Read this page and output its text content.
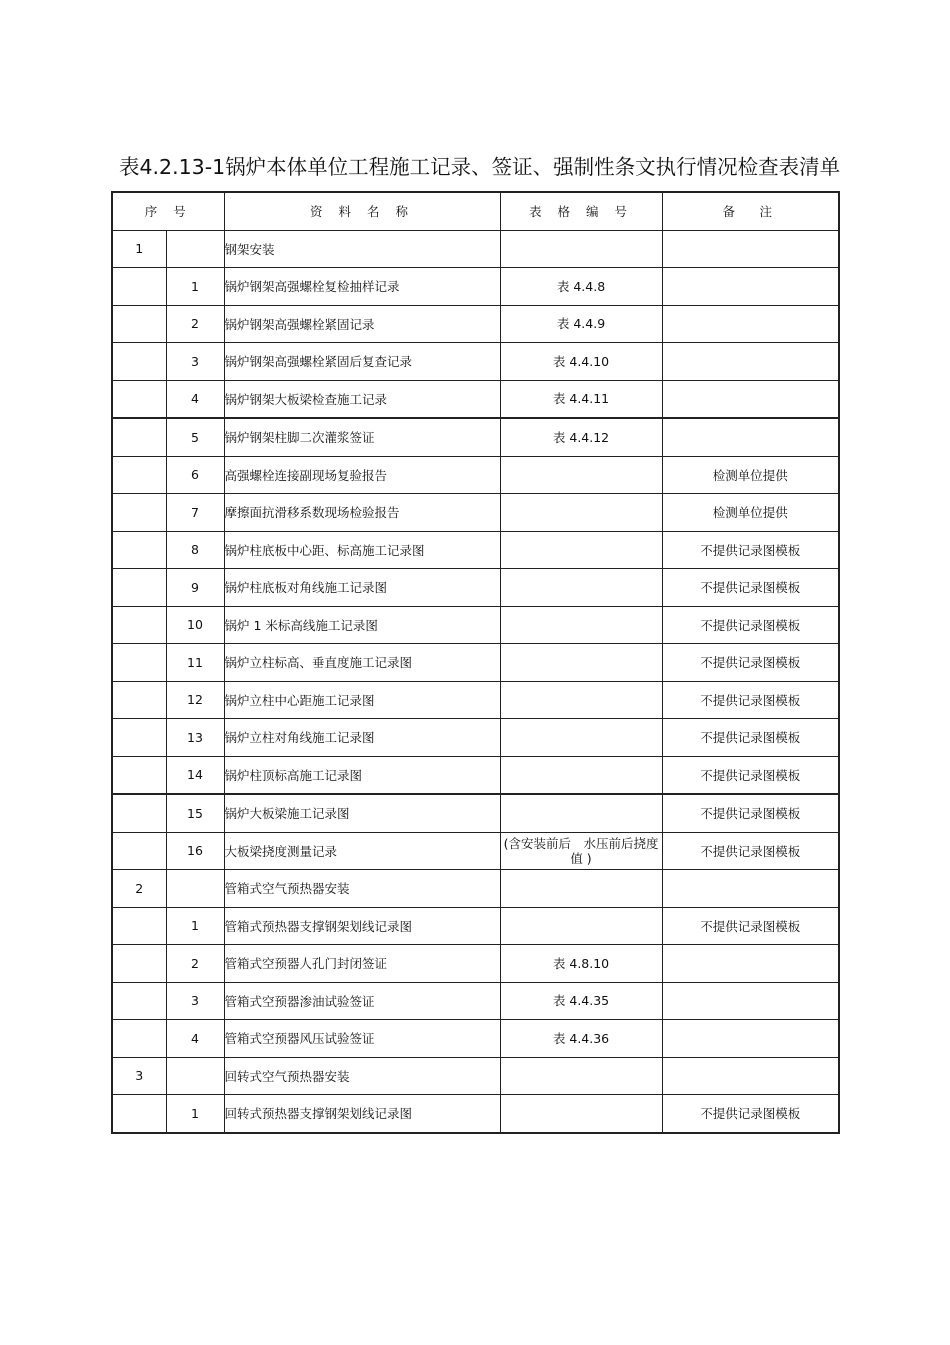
表4.2.13-1锅炉本体单位工程施工记录、签证、强制性条文执行情况检查表清单
序 号		资 料 名 称	表 格 编 号	备　注
1		钢架安装		
	1	锅炉钢架高强螺栓复检抽样记录	表 4.4.8	
	2	锅炉钢架高强螺栓紧固记录	表 4.4.9	
	3	锅炉钢架高强螺栓紧固后复查记录	表 4.4.10	
	4	锅炉钢架大板梁检查施工记录	表 4.4.11	
	5	锅炉钢架柱脚二次灌浆签证	表 4.4.12	
	6	高强螺栓连接副现场复验报告		检测单位提供
	7	摩擦面抗滑移系数现场检验报告		检测单位提供
	8	锅炉柱底板中心距、标高施工记录图		不提供记录图模板
	9	锅炉柱底板对角线施工记录图		不提供记录图模板
	10	锅炉 1 米标高线施工记录图		不提供记录图模板
	11	锅炉立柱标高、垂直度施工记录图		不提供记录图模板
	12	锅炉立柱中心距施工记录图		不提供记录图模板
	13	锅炉立柱对角线施工记录图		不提供记录图模板
	14	锅炉柱顶标高施工记录图		不提供记录图模板
	15	锅炉大板梁施工记录图		不提供记录图模板
	16	大板梁挠度测量记录	(含安装前后　水压前后挠度值 )	不提供记录图模板
2		管箱式空气预热器安装		
	1	管箱式预热器支撑钢架划线记录图		不提供记录图模板
	2	管箱式空预器人孔门封闭签证	表 4.8.10	
	3	管箱式空预器渗油试验签证	表 4.4.35	
	4	管箱式空预器风压试验签证	表 4.4.36	
3		回转式空气预热器安装		
	1	回转式预热器支撑钢架划线记录图		不提供记录图模板
